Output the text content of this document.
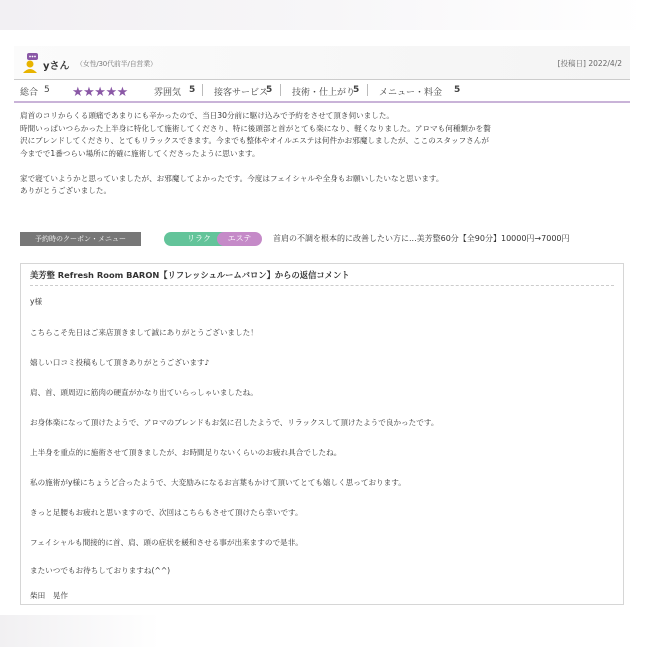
yさん （女性/30代前半/自営業）	[投稿日] 2022/4/2
総合 5 ★★★★★	雰囲気 5 接客サービス
5 技術・仕上がり
5 メニュー・料金 5

肩首のコリからくる頭痛であまりにも辛かったので、当日30分前に駆け込みで予約をさせて頂き伺いました。

時間いっぱいつらかった上半身に特化して施術してくださり、特に後頭部と首がとても楽になり、軽くなりました。アロマも何種類かを贅

沢にブレンドしてくださり、とてもリラックスできます。今までも整体やオイルエステは何件かお邪魔しましたが、ここのスタッフさんが

今までで1番つらい場所に的確に施術してくださったように思います。

家で寝ていようかと思っていましたが、お邪魔してよかったです。今度はフェイシャルや全身もお願いしたいなと思います。

ありがとうございました。

予約時のクーポン・メニュー	リラク	エステ	首肩の不調を根本的に改善したい方に...美芳整60分【全90分】10000円→7000円
美芳整 Refresh Room BARON【リフレッシュルームバロン】からの返信コメント
y様
こちらこそ先日はご来店頂きまして誠にありがとうございました！
嬉しい口コミ投稿もして頂きありがとうございます♪
肩、首、頭周辺に筋肉の硬直がかなり出ていらっしゃいましたね。
お身体楽になって頂けたようで、アロマのブレンドもお気に召したようで、リラックスして頂けたようで良かったです。
上半身を重点的に施術させて頂きましたが、お時間足りないくらいのお疲れ具合でしたね。
私の施術がy様にちょうど合ったようで、大変励みになるお言葉もかけて頂いてとても嬉しく思っております。
きっと足腰もお疲れと思いますので、次回はこちらもさせて頂けたら幸いです。
フェイシャルも間接的に首、肩、頭の症状を緩和させる事が出来ますので是非。
またいつでもお待ちしておりますね(^^)
柴田　晃作
